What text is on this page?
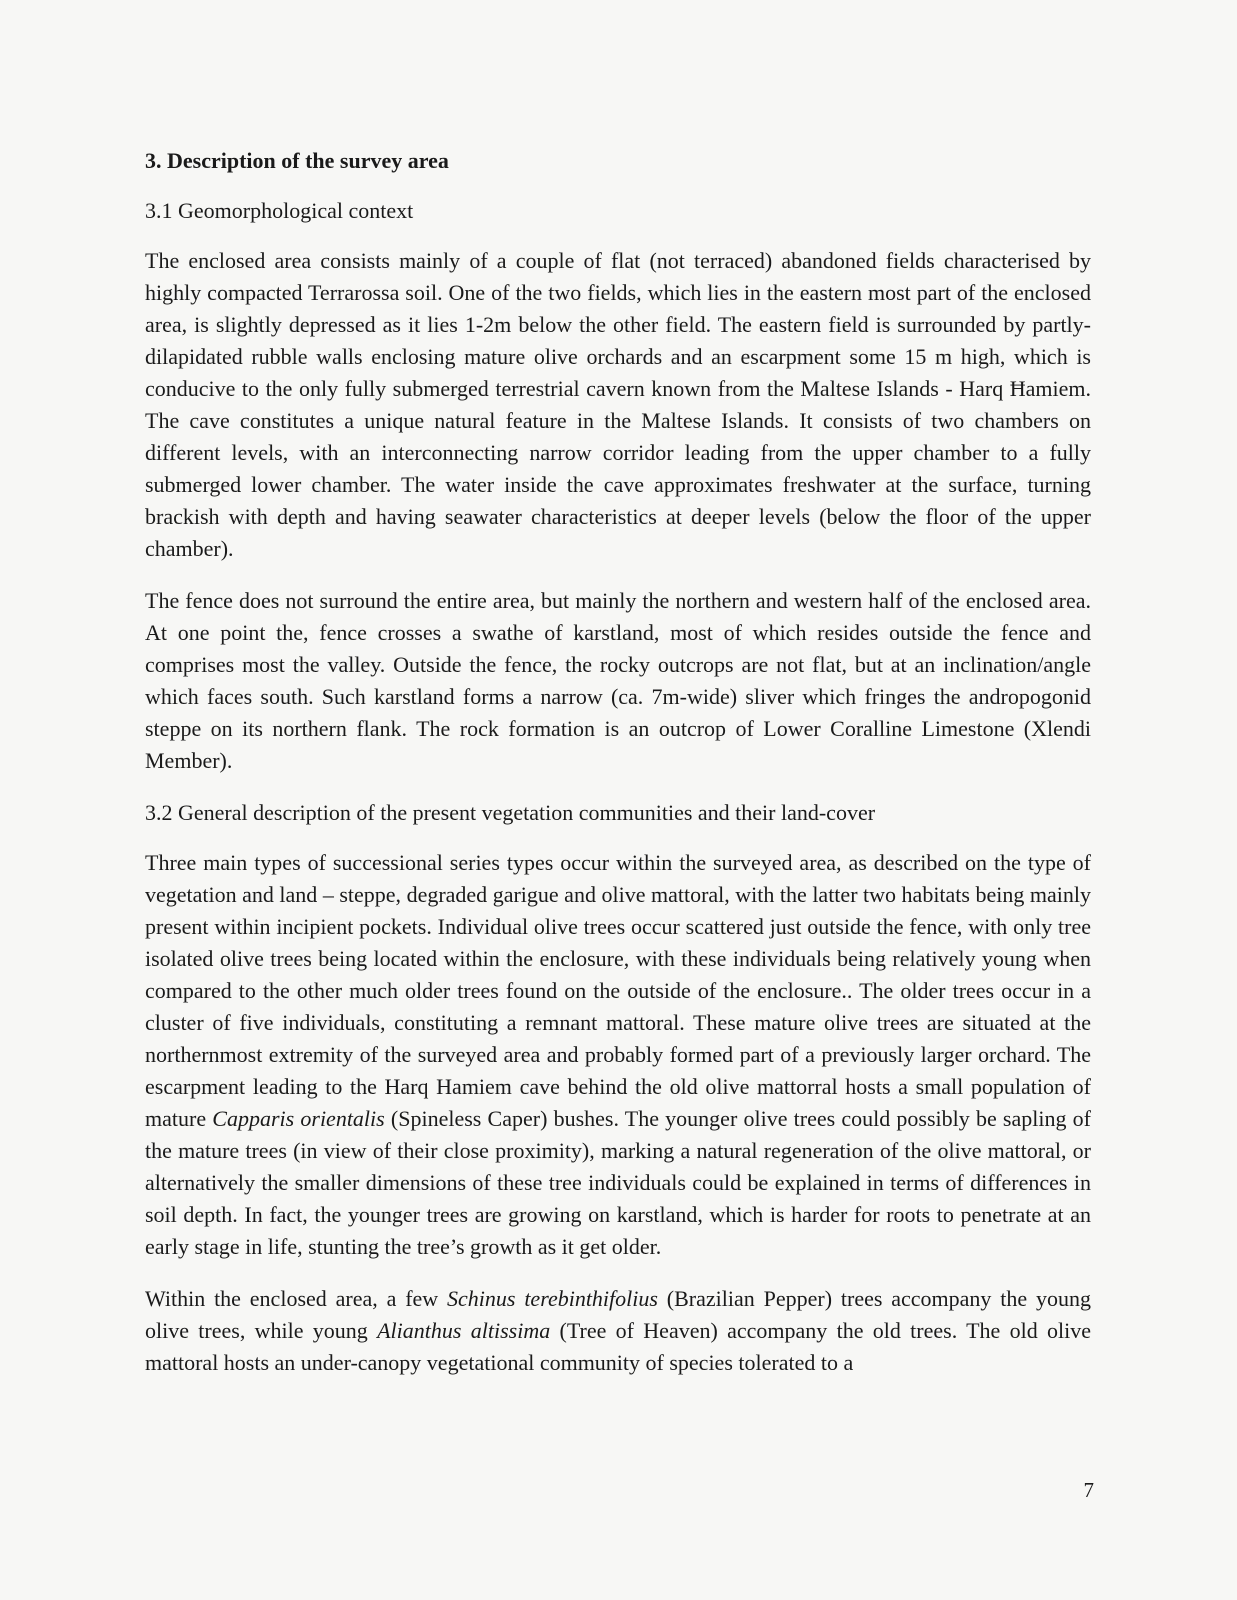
3. Description of the survey area
3.1 Geomorphological context

The enclosed area consists mainly of a couple of flat (not terraced) abandoned fields characterised by highly compacted Terrarossa soil. One of the two fields, which lies in the eastern most part of the enclosed area, is slightly depressed as it lies 1-2m below the other field. The eastern field is surrounded by partly-dilapidated rubble walls enclosing mature olive orchards and an escarpment some 15 m high, which is conducive to the only fully submerged terrestrial cavern known from the Maltese Islands - Harq Ħamiem. The cave constitutes a unique natural feature in the Maltese Islands. It consists of two chambers on different levels, with an interconnecting narrow corridor leading from the upper chamber to a fully submerged lower chamber. The water inside the cave approximates freshwater at the surface, turning brackish with depth and having seawater characteristics at deeper levels (below the floor of the upper chamber).

The fence does not surround the entire area, but mainly the northern and western half of the enclosed area. At one point the, fence crosses a swathe of karstland, most of which resides outside the fence and comprises most the valley. Outside the fence, the rocky outcrops are not flat, but at an inclination/angle which faces south. Such karstland forms a narrow (ca. 7m-wide) sliver which fringes the andropogonid steppe on its northern flank. The rock formation is an outcrop of Lower Coralline Limestone (Xlendi Member).

3.2 General description of the present vegetation communities and their land-cover

Three main types of successional series types occur within the surveyed area, as described on the type of vegetation and land – steppe, degraded garigue and olive mattoral, with the latter two habitats being mainly present within incipient pockets. Individual olive trees occur scattered just outside the fence, with only tree isolated olive trees being located within the enclosure, with these individuals being relatively young when compared to the other much older trees found on the outside of the enclosure.. The older trees occur in a cluster of five individuals, constituting a remnant mattoral. These mature olive trees are situated at the northernmost extremity of the surveyed area and probably formed part of a previously larger orchard. The escarpment leading to the Harq Hamiem cave behind the old olive mattorral hosts a small population of mature Capparis orientalis (Spineless Caper) bushes. The younger olive trees could possibly be sapling of the mature trees (in view of their close proximity), marking a natural regeneration of the olive mattoral, or alternatively the smaller dimensions of these tree individuals could be explained in terms of differences in soil depth. In fact, the younger trees are growing on karstland, which is harder for roots to penetrate at an early stage in life, stunting the tree’s growth as it get older.

Within the enclosed area, a few Schinus terebinthifolius (Brazilian Pepper) trees accompany the young olive trees, while young Alianthus altissima (Tree of Heaven) accompany the old trees. The old olive mattoral hosts an under-canopy vegetational community of species tolerated to a

7
